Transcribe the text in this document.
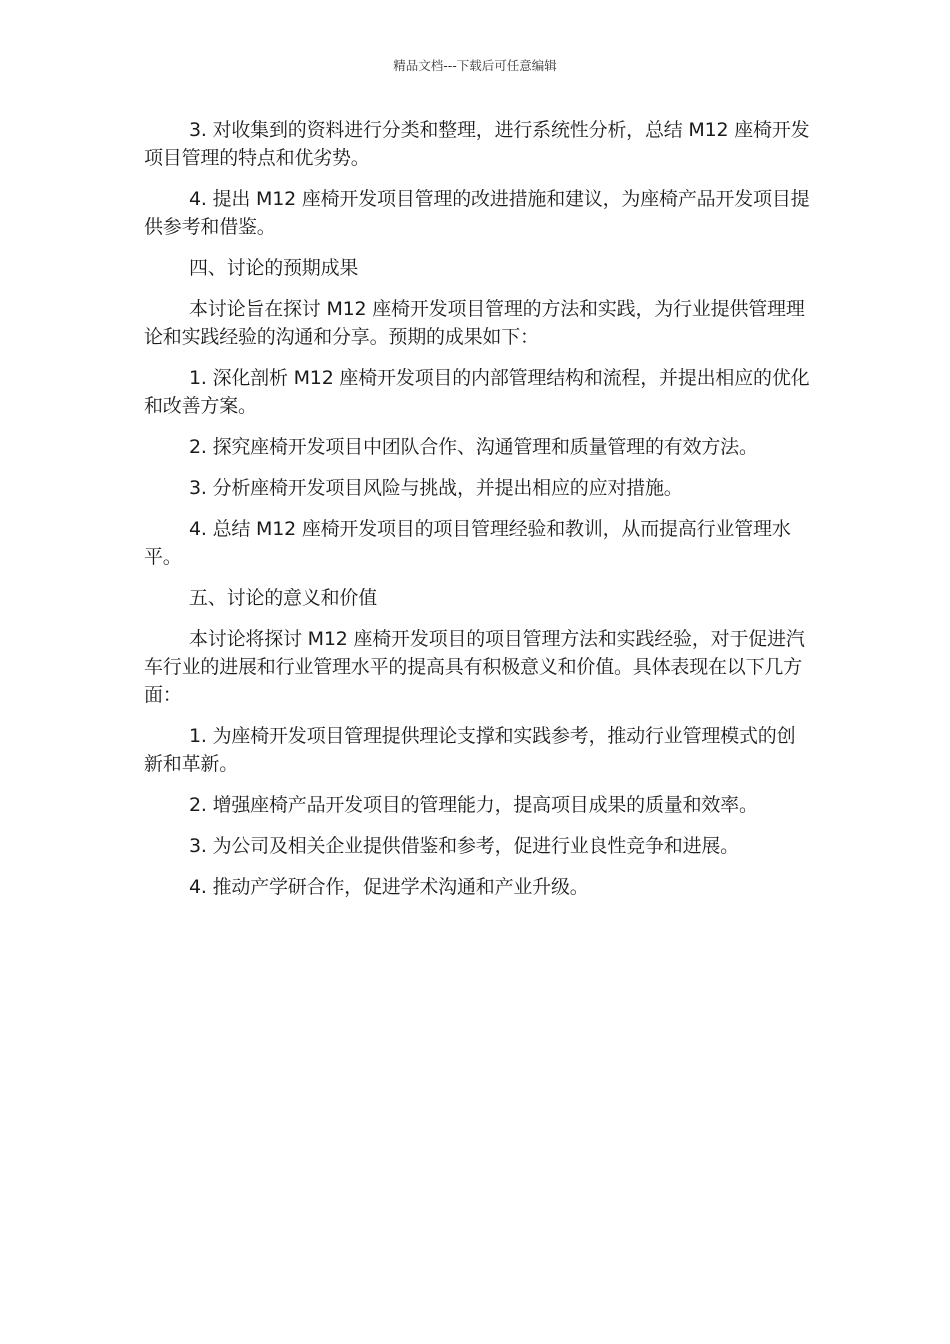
精品文档---下载后可任意编辑

3. 对收集到的资料进行分类和整理，进行系统性分析，总结 M12 座椅开发项目管理的特点和优劣势。

4. 提出 M12 座椅开发项目管理的改进措施和建议，为座椅产品开发项目提供参考和借鉴。

四、讨论的预期成果

本讨论旨在探讨 M12 座椅开发项目管理的方法和实践，为行业提供管理理论和实践经验的沟通和分享。预期的成果如下：

1. 深化剖析 M12 座椅开发项目的内部管理结构和流程，并提出相应的优化和改善方案。

2. 探究座椅开发项目中团队合作、沟通管理和质量管理的有效方法。

3. 分析座椅开发项目风险与挑战，并提出相应的应对措施。

4. 总结 M12 座椅开发项目的项目管理经验和教训，从而提高行业管理水平。

五、讨论的意义和价值

本讨论将探讨 M12 座椅开发项目的项目管理方法和实践经验，对于促进汽车行业的进展和行业管理水平的提高具有积极意义和价值。具体表现在以下几方面：

1. 为座椅开发项目管理提供理论支撑和实践参考，推动行业管理模式的创新和革新。

2. 增强座椅产品开发项目的管理能力，提高项目成果的质量和效率。

3. 为公司及相关企业提供借鉴和参考，促进行业良性竞争和进展。

4. 推动产学研合作，促进学术沟通和产业升级。
